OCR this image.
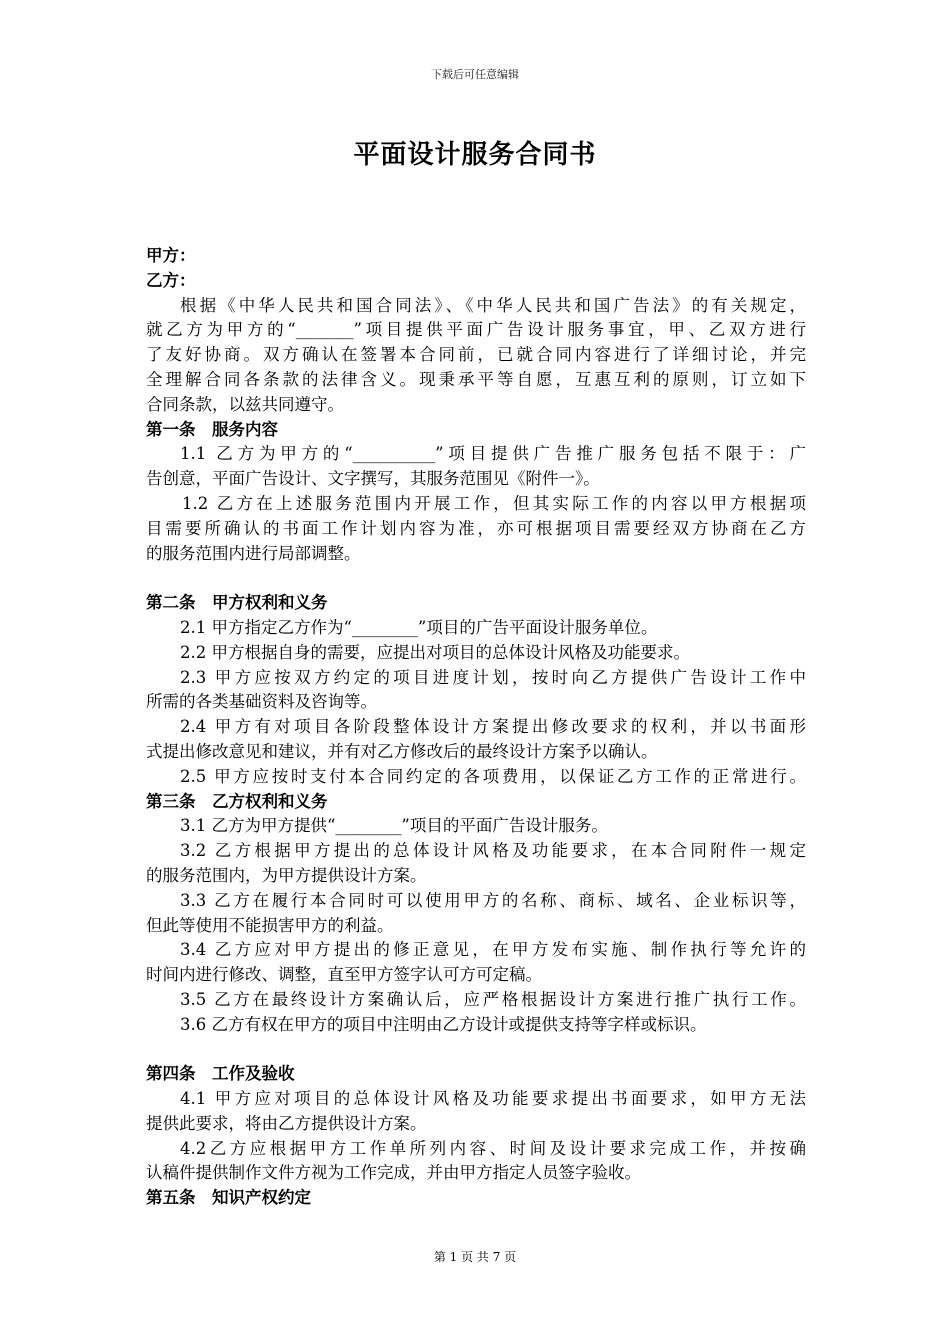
下载后可任意编辑
平面设计服务合同书
甲方：
乙方：
根据《中华人民共和国合同法》、《中华人民共和国广告法》的有关规定，
就乙方为甲方的“_______”项目提供平面广告设计服务事宜，甲、乙双方进行
了友好协商。双方确认在签署本合同前，已就合同内容进行了详细讨论，并完
全理解合同各条款的法律含义。现秉承平等自愿，互惠互利的原则，订立如下
合同条款，以兹共同遵守。
第一条　服务内容
1.1 乙方为甲方的“__________”项目提供广告推广服务包括不限于：广
告创意，平面广告设计、文字撰写，其服务范围见《附件一》。
1.2 乙方在上述服务范围内开展工作，但其实际工作的内容以甲方根据项
目需要所确认的书面工作计划内容为准，亦可根据项目需要经双方协商在乙方
的服务范围内进行局部调整。
第二条　甲方权利和义务
2.1 甲方指定乙方作为“________”项目的广告平面设计服务单位。
2.2 甲方根据自身的需要，应提出对项目的总体设计风格及功能要求。
2.3 甲方应按双方约定的项目进度计划，按时向乙方提供广告设计工作中
所需的各类基础资料及咨询等。
2.4 甲方有对项目各阶段整体设计方案提出修改要求的权利，并以书面形
式提出修改意见和建议，并有对乙方修改后的最终设计方案予以确认。
2.5 甲方应按时支付本合同约定的各项费用，以保证乙方工作的正常进行。
第三条　乙方权利和义务
3.1 乙方为甲方提供“________”项目的平面广告设计服务。
3.2 乙方根据甲方提出的总体设计风格及功能要求，在本合同附件一规定
的服务范围内，为甲方提供设计方案。
3.3 乙方在履行本合同时可以使用甲方的名称、商标、域名、企业标识等，
但此等使用不能损害甲方的利益。
3.4 乙方应对甲方提出的修正意见，在甲方发布实施、制作执行等允许的
时间内进行修改、调整，直至甲方签字认可方可定稿。
3.5 乙方在最终设计方案确认后，应严格根据设计方案进行推广执行工作。
3.6 乙方有权在甲方的项目中注明由乙方设计或提供支持等字样或标识。
第四条　工作及验收
4.1 甲方应对项目的总体设计风格及功能要求提出书面要求，如甲方无法
提供此要求，将由乙方提供设计方案。
4.2乙方应根据甲方工作单所列内容、时间及设计要求完成工作，并按确
认稿件提供制作文件方视为工作完成，并由甲方指定人员签字验收。
第五条　知识产权约定
第 1 页 共 7 页
